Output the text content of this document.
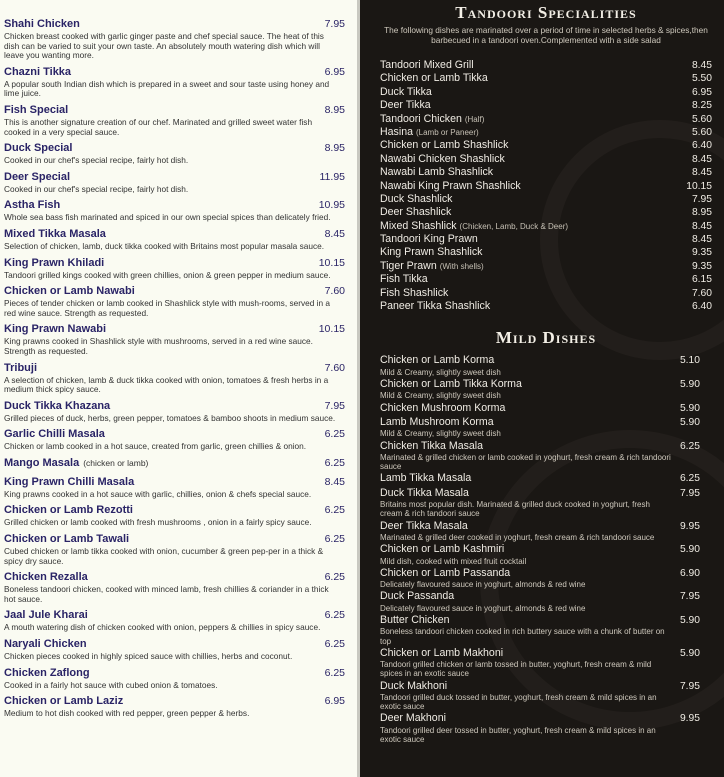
Shahi Chicken	7.95
Chicken breast cooked with garlic ginger paste and chef special sauce. The heat of this dish can be varied to suit your own taste. An absolutely mouth watering dish which will leave you wanting more.
Chazni Tikka	6.95
A popular south Indian dish which is prepared in a sweet and sour taste using honey and lime juice.
Fish Special	8.95
This is another signature creation of our chef. Marinated and grilled sweet water fish cooked in a very special sauce.
Duck Special	8.95
Cooked in our chef's special recipe, fairly hot dish.
Deer Special	11.95
Cooked in our chef's special recipe, fairly hot dish.
Astha Fish	10.95
Whole sea bass fish marinated and spiced in our own special spices than delicately fried.
Mixed Tikka Masala	8.45
Selection of chicken, lamb, duck tikka cooked with Britains most popular masala sauce.
King Prawn Khiladi	10.15
Tandoori grilled kings cooked with green chillies, onion & green pepper in medium sauce.
Chicken or Lamb Nawabi	7.60
Pieces of tender chicken or lamb cooked in Shashlick style with mush-rooms, served in a red wine sauce. Strength as requested.
King Prawn Nawabi	10.15
King prawns cooked in Shashlick style with mushrooms, served in a red wine sauce. Strength as requested.
Tribuji	7.60
A selection of chicken, lamb & duck tikka cooked with onion, tomatoes & fresh herbs in a medium thick spicy sauce.
Duck Tikka Khazana	7.95
Grilled pieces of duck, herbs, green pepper, tomatoes & bamboo shoots in medium sauce.
Garlic Chilli Masala	6.25
Chicken or lamb cooked in a hot sauce, created from garlic, green chillies & onion.
Mango Masala (chicken or lamb)	6.25
King Prawn Chilli Masala	8.45
King prawns cooked in a hot sauce with garlic, chillies, onion & chefs special sauce.
Chicken or Lamb Rezotti	6.25
Grilled chicken or lamb cooked with fresh mushrooms , onion in a fairly spicy sauce.
Chicken or Lamb Tawali	6.25
Cubed chicken or lamb tikka cooked with onion, cucumber & green pep-per in a thick & spicy dry sauce.
Chicken Rezalla	6.25
Boneless tandoori chicken, cooked with minced lamb, fresh chillies & coriander in a thick hot sauce.
Jaal Jule Kharai	6.25
A mouth watering dish of chicken cooked with onion, peppers & chillies in spicy sauce.
Naryali Chicken	6.25
Chicken pieces cooked in highly spiced sauce with chillies, herbs and coconut.
Chicken Zaflong	6.25
Cooked in a fairly hot sauce with cubed onion & tomatoes.
Chicken or Lamb Laziz	6.95
Medium to hot dish cooked with red pepper, green pepper & herbs.
Tandoori Specialities
The following dishes are marinated over a period of time in selected herbs & spices,then barbecued in a tandoori oven.Complemented with a side salad
Tandoori Mixed Grill	8.45
Chicken or Lamb Tikka	5.50
Duck Tikka	6.95
Deer Tikka	8.25
Tandoori Chicken (Half)	5.60
Hasina (Lamb or Paneer)	5.60
Chicken or Lamb Shashlick	6.40
Nawabi Chicken Shashlick	8.45
Nawabi Lamb Shashlick	8.45
Nawabi King Prawn Shashlick	10.15
Duck Shashlick	7.95
Deer Shashlick	8.95
Mixed Shashlick (Chicken, Lamb, Duck & Deer)	8.45
Tandoori King Prawn	8.45
King Prawn Shashlick	9.35
Tiger Prawn (With shells)	9.35
Fish Tikka	6.15
Fish Shashlick	7.60
Paneer Tikka Shashlick	6.40
Mild Dishes
Chicken or Lamb Korma	5.10
Mild & Creamy, slightly sweet dish
Chicken or Lamb Tikka Korma	5.90
Mild & Creamy, slightly sweet dish
Chicken Mushroom Korma	5.90
Lamb Mushroom Korma	5.90
Mild & Creamy, slightly sweet dish
Chicken Tikka Masala	6.25
Marinated & grilled chicken or lamb cooked in yoghurt, fresh cream & rich tandoori sauce
Lamb Tikka Masala	6.25
Duck Tikka Masala	7.95
Britains most popular dish. Marinated & grilled duck cooked in yoghurt, fresh cream & rich tandoori sauce
Deer Tikka Masala	9.95
Marinated & grilled deer cooked in yoghurt, fresh cream & rich tandoori sauce
Chicken or Lamb Kashmiri	5.90
Mild dish, cooked with mixed fruit cocktail
Chicken or Lamb Passanda	6.90
Delicately flavoured sauce in yoghurt, almonds & red wine
Duck Passanda	7.95
Delicately flavoured sauce in yoghurt, almonds & red wine
Butter Chicken	5.90
Boneless tandoori chicken cooked in rich buttery sauce with a chunk of butter on top
Chicken or Lamb Makhoni	5.90
Tandoori grilled chicken or lamb tossed in butter, yoghurt, fresh cream & mild spices in an exotic sauce
Duck Makhoni	7.95
Tandoori grilled duck tossed in butter, yoghurt, fresh cream & mild spices in an exotic sauce
Deer Makhoni	9.95
Tandoori grilled deer tossed in butter, yoghurt, fresh cream & mild spices in an exotic sauce
